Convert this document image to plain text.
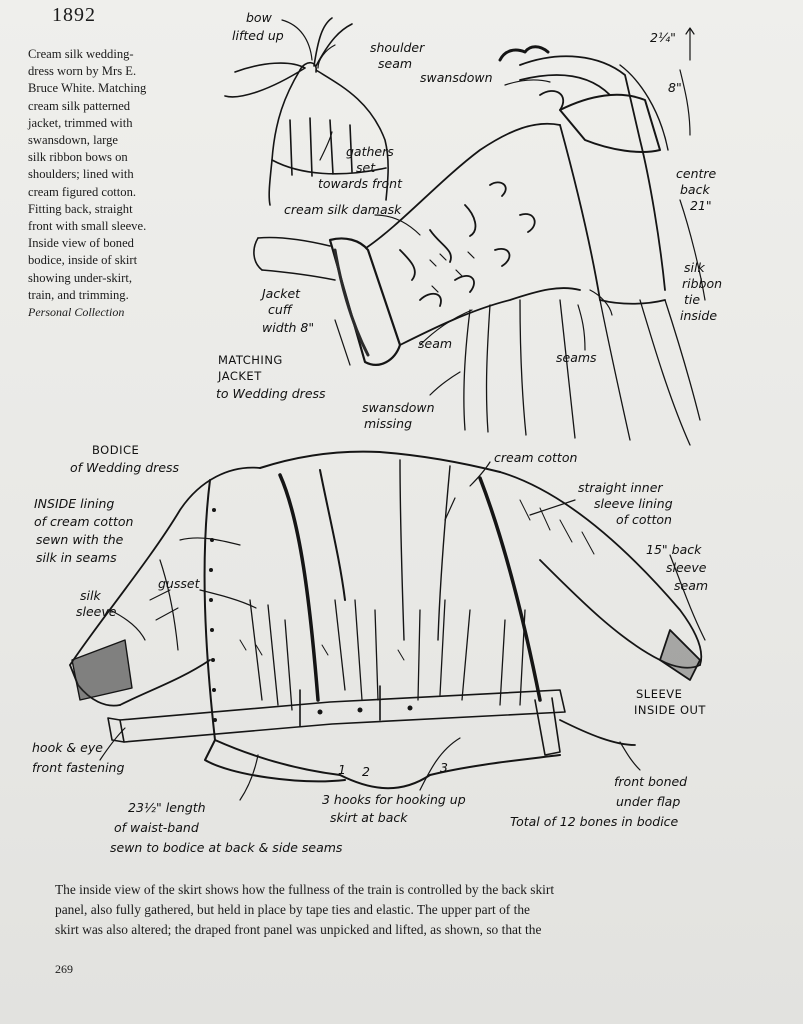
1892
Cream silk wedding-
dress worn by Mrs E.
Bruce White. Matching
cream silk patterned
jacket, trimmed with
swansdown, large
silk ribbon bows on
shoulders; lined with
cream figured cotton.
Fitting back, straight
front with small sleeve.
Inside view of boned
bodice, inside of skirt
showing under-skirt,
train, and trimming.
Personal Collection
bow
lifted up
shoulder
seam
swansdown
2¼"
8"
gathers
set
towards front
cream silk damask
centre
back
21"
silk
ribbon
tie
inside
Jacket
cuff
width 8"
seam
seams
MATCHING
JACKET
to Wedding dress
swansdown
missing
BODICE
of Wedding dress
INSIDE lining
of cream cotton
sewn with the
silk in seams
cream cotton
straight inner
sleeve lining
of cotton
15" back
sleeve
seam
silk
sleeve
gusset
SLEEVE
INSIDE OUT
hook & eye
front fastening
23½" length
of waist-band
sewn to bodice at back & side seams
1 2	3
3 hooks for hooking up
skirt at back
front boned
under flap
Total of 12 bones in bodice
The inside view of the skirt shows how the fullness of the train is controlled by the back skirt
panel, also fully gathered, but held in place by tape ties and elastic. The upper part of the
skirt was also altered; the draped front panel was unpicked and lifted, as shown, so that the
269
